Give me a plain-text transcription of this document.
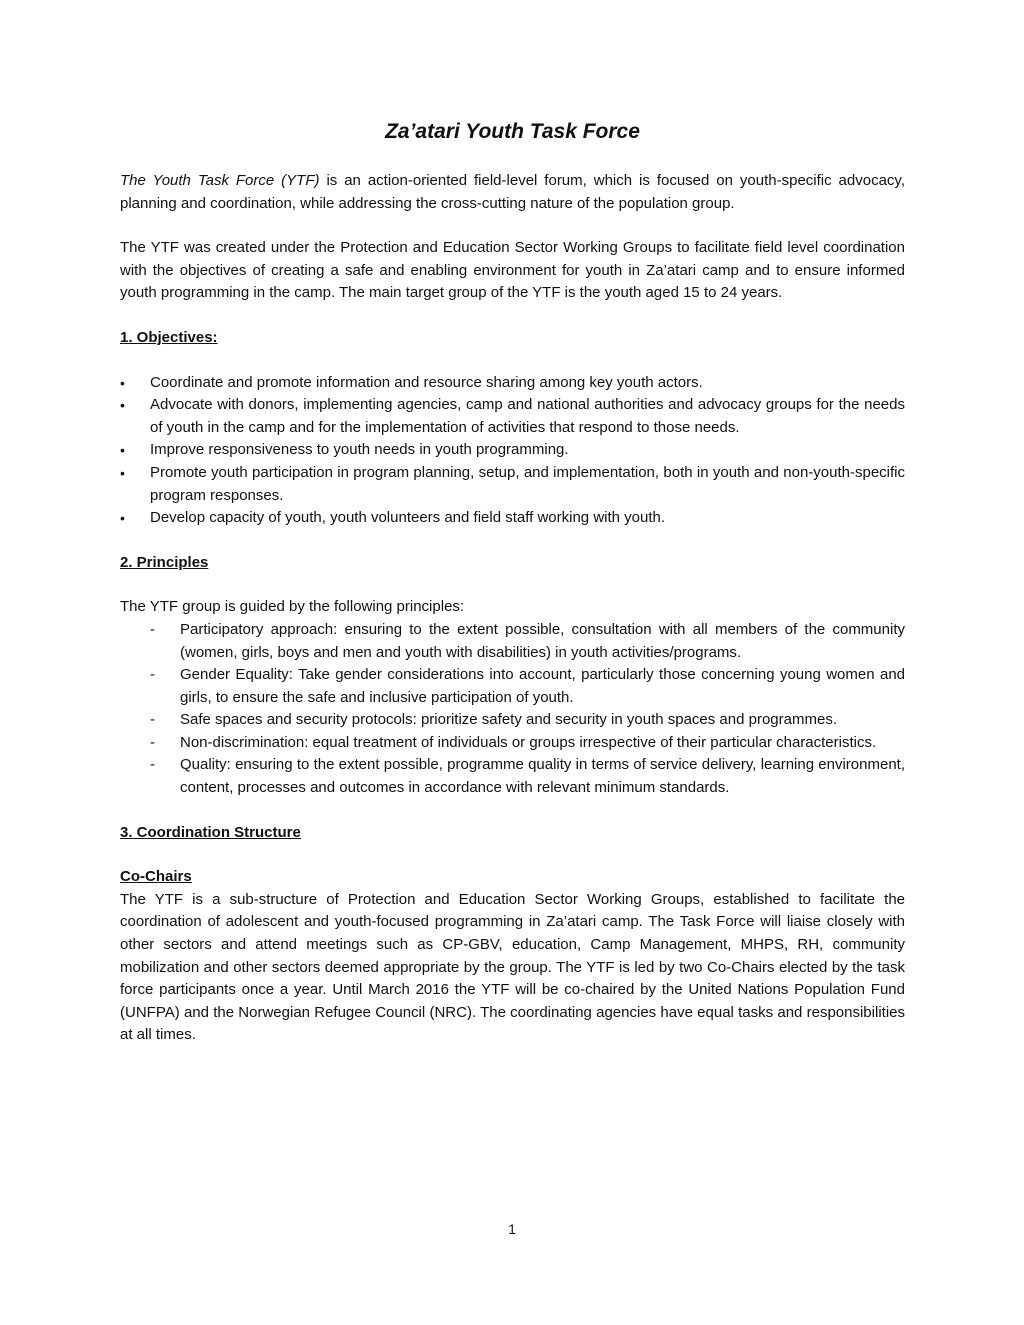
Za’atari Youth Task Force

The Youth Task Force (YTF) is an action-oriented field-level forum, which is focused on youth-specific advocacy, planning and coordination, while addressing the cross-cutting nature of the population group.

The YTF was created under the Protection and Education Sector Working Groups to facilitate field level coordination with the objectives of creating a safe and enabling environment for youth in Za’atari camp and to ensure informed youth programming in the camp. The main target group of the YTF is the youth aged 15 to 24 years.

1. Objectives:

• Coordinate and promote information and resource sharing among key youth actors.
• Advocate with donors, implementing agencies, camp and national authorities and advocacy groups for the needs of youth in the camp and for the implementation of activities that respond to those needs.
• Improve responsiveness to youth needs in youth programming.
• Promote youth participation in program planning, setup, and implementation, both in youth and non-youth-specific program responses.
• Develop capacity of youth, youth volunteers and field staff working with youth.

2. Principles

The YTF group is guided by the following principles:

- Participatory approach: ensuring to the extent possible, consultation with all members of the community (women, girls, boys and men and youth with disabilities) in youth activities/programs.
- Gender Equality: Take gender considerations into account, particularly those concerning young women and girls, to ensure the safe and inclusive participation of youth.
- Safe spaces and security protocols: prioritize safety and security in youth spaces and programmes.
- Non-discrimination: equal treatment of individuals or groups irrespective of their particular characteristics.
- Quality: ensuring to the extent possible, programme quality in terms of service delivery, learning environment, content, processes and outcomes in accordance with relevant minimum standards.

3. Coordination Structure

Co-Chairs

The YTF is a sub-structure of Protection and Education Sector Working Groups, established to facilitate the coordination of adolescent and youth-focused programming in Za’atari camp. The Task Force will liaise closely with other sectors and attend meetings such as CP-GBV, education, Camp Management, MHPS, RH, community mobilization and other sectors deemed appropriate by the group. The YTF is led by two Co-Chairs elected by the task force participants once a year. Until March 2016 the YTF will be co-chaired by the United Nations Population Fund (UNFPA) and the Norwegian Refugee Council (NRC). The coordinating agencies have equal tasks and responsibilities at all times.

1
